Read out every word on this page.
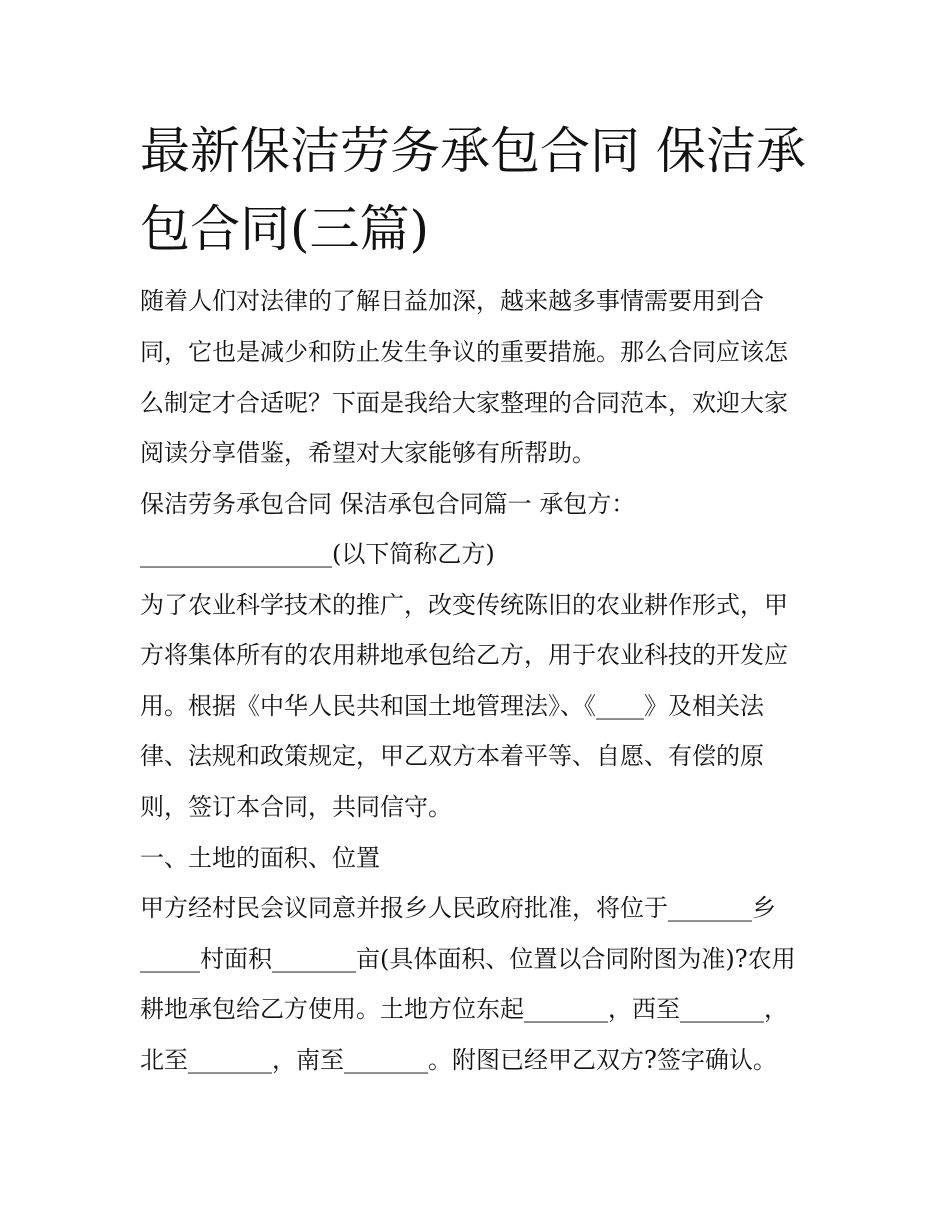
最新保洁劳务承包合同 保洁承
包合同(三篇)
随着人们对法律的了解日益加深，越来越多事情需要用到合
同，它也是减少和防止发生争议的重要措施。那么合同应该怎
么制定才合适呢？下面是我给大家整理的合同范本，欢迎大家
阅读分享借鉴，希望对大家能够有所帮助。
保洁劳务承包合同 保洁承包合同篇一 承包方：
________________(以下简称乙方)
为了农业科学技术的推广，改变传统陈旧的农业耕作形式，甲
方将集体所有的农用耕地承包给乙方，用于农业科技的开发应
用。根据《中华人民共和国土地管理法》、《____》及相关法
律、法规和政策规定，甲乙双方本着平等、自愿、有偿的原
则，签订本合同，共同信守。
一、土地的面积、位置
甲方经村民会议同意并报乡人民政府批准，将位于_______乡
_____村面积_______亩(具体面积、位置以合同附图为准)?农用
耕地承包给乙方使用。土地方位东起_______，西至_______，
北至_______，南至_______。附图已经甲乙双方?签字确认。
